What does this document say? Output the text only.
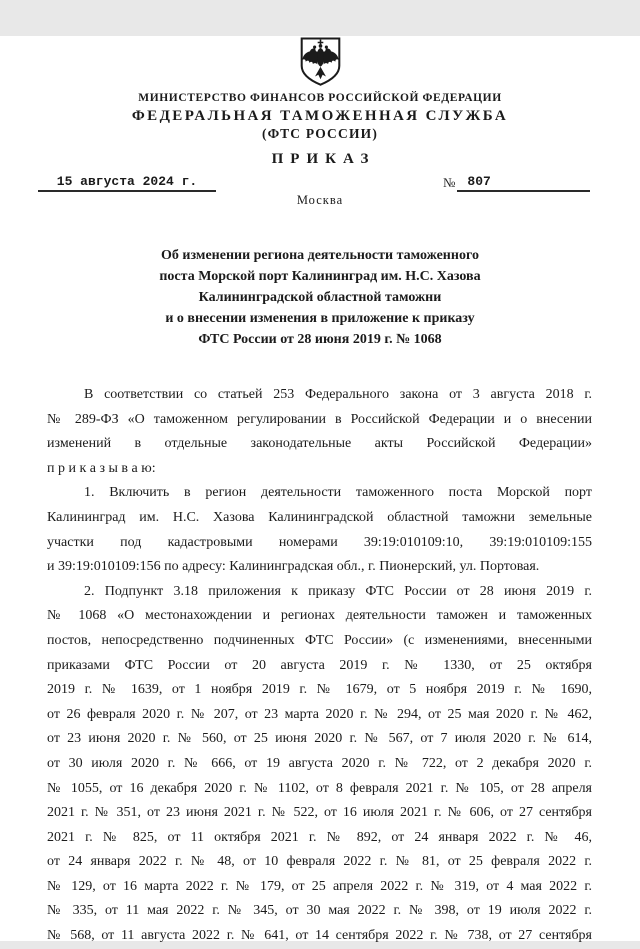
МИНИСТЕРСТВО ФИНАНСОВ РОССИЙСКОЙ ФЕДЕРАЦИИ
ФЕДЕРАЛЬНАЯ ТАМОЖЕННАЯ СЛУЖБА
(ФТС РОССИИ)
ПРИКАЗ
15 августа 2024 г.	№ 807
Москва
Об изменении региона деятельности таможенного
поста Морской порт Калининград им. Н.С. Хазова
Калининградской областной таможни
и о внесении изменения в приложение к приказу
ФТС России от 28 июня 2019 г. № 1068
В соответствии со статьей 253 Федерального закона от 3 августа 2018 г.
№ 289-ФЗ «О таможенном регулировании в Российской Федерации и о внесении
изменений в отдельные законодательные акты Российской Федерации»
п р и к а з ы в а ю:
1. Включить в регион деятельности таможенного поста Морской порт
Калининград им. Н.С. Хазова Калининградской областной таможни земельные
участки под кадастровыми номерами 39:19:010109:10, 39:19:010109:155
и 39:19:010109:156 по адресу: Калининградская обл., г. Пионерский, ул. Портовая.
2. Подпункт 3.18 приложения к приказу ФТС России от 28 июня 2019 г.
№ 1068 «О местонахождении и регионах деятельности таможен и таможенных
постов, непосредственно подчиненных ФТС России» (с изменениями, внесенными
приказами ФТС России от 20 августа 2019 г. № 1330, от 25 октября
2019 г. № 1639, от 1 ноября 2019 г. № 1679, от 5 ноября 2019 г. № 1690,
от 26 февраля 2020 г. № 207, от 23 марта 2020 г. № 294, от 25 мая 2020 г. № 462,
от 23 июня 2020 г. № 560, от 25 июня 2020 г. № 567, от 7 июля 2020 г. № 614,
от 30 июля 2020 г. № 666, от 19 августа 2020 г. № 722, от 2 декабря 2020 г.
№ 1055, от 16 декабря 2020 г. № 1102, от 8 февраля 2021 г. № 105, от 28 апреля
2021 г. № 351, от 23 июня 2021 г. № 522, от 16 июля 2021 г. № 606, от 27 сентября
2021 г. № 825, от 11 октября 2021 г. № 892, от 24 января 2022 г. № 46,
от 24 января 2022 г. № 48, от 10 февраля 2022 г. № 81, от 25 февраля 2022 г.
№ 129, от 16 марта 2022 г. № 179, от 25 апреля 2022 г. № 319, от 4 мая 2022 г.
№ 335, от 11 мая 2022 г. № 345, от 30 мая 2022 г. № 398, от 19 июля 2022 г.
№ 568, от 11 августа 2022 г. № 641, от 14 сентября 2022 г. № 738, от 27 сентября
